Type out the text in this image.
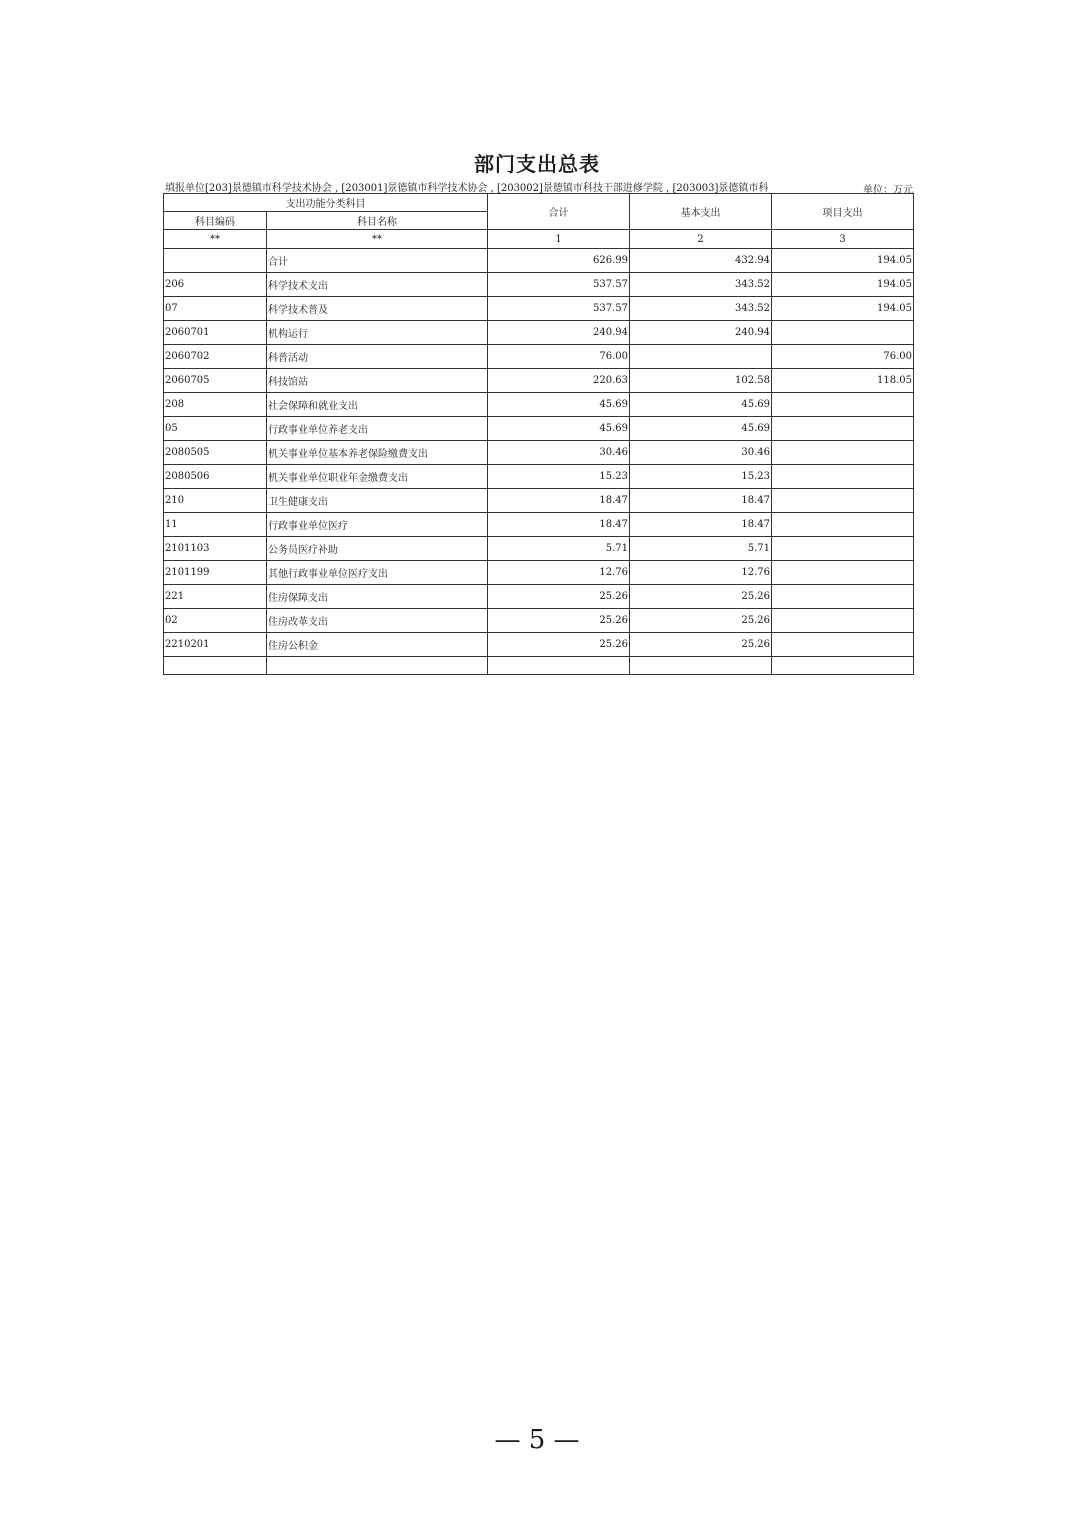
部门支出总表
填报单位[203]景德镇市科学技术协会 , [203001]景德镇市科学技术协会 , [203002]景德镇市科技干部进修学院 , [203003]景德镇市科	单位：万元
支出功能分类科目		合计	基本支出	项目支出
科目编码	科目名称			
**	**	1	2	3
	合计	626.99	432.94	194.05
206	科学技术支出	537.57	343.52	194.05
07	科学技术普及	537.57	343.52	194.05
2060701	机构运行	240.94	240.94	
2060702	科普活动	76.00		76.00
2060705	科技馆站	220.63	102.58	118.05
208	社会保障和就业支出	45.69	45.69	
05	行政事业单位养老支出	45.69	45.69	
2080505	机关事业单位基本养老保险缴费支出	30.46	30.46	
2080506	机关事业单位职业年金缴费支出	15.23	15.23	
210	卫生健康支出	18.47	18.47	
11	行政事业单位医疗	18.47	18.47	
2101103	公务员医疗补助	5.71	5.71	
2101199	其他行政事业单位医疗支出	12.76	12.76	
221	住房保障支出	25.26	25.26	
02	住房改革支出	25.26	25.26	
2210201	住房公积金	25.26	25.26	

— 5 —
